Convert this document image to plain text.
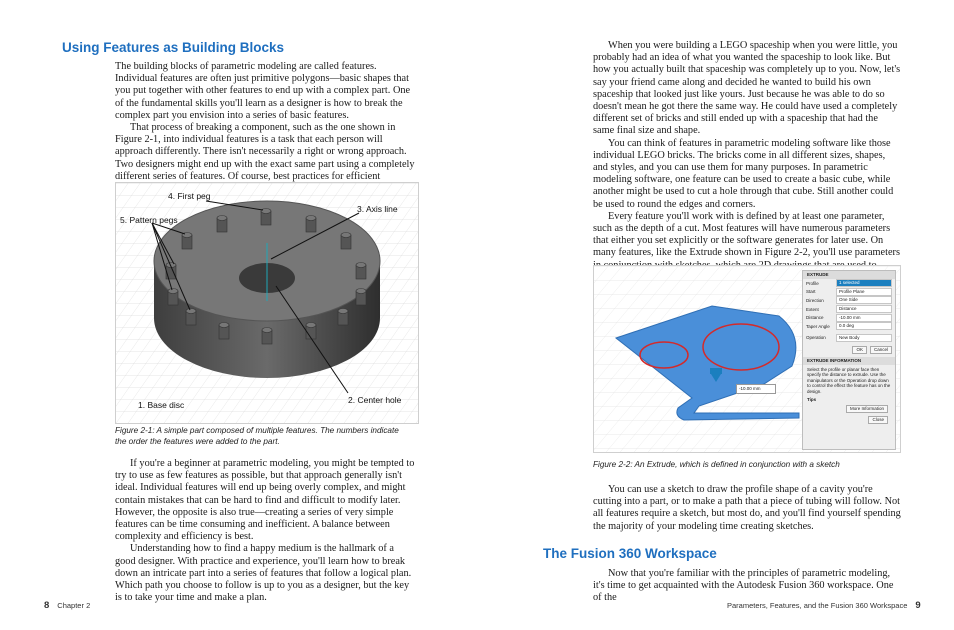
Using Features as Building Blocks

The building blocks of parametric modeling are called features. Individual features are often just primitive polygons—basic shapes that you put together with other features to end up with a complex part. One of the fundamental skills you'll learn as a designer is how to break the complex part you envision into a series of basic features.

That process of breaking a component, such as the one shown in Figure 2-1, into individual features is a task that each person will approach differently. There isn't necessarily a right or wrong approach. Two designers might end up with the exact same part using a completely different series of features. Of course, best practices for efficient

4. First peg
3. Axis line
5. Pattern pegs
1. Base disc	2. Center hole
Figure 2-1: A simple part composed of multiple features. The numbers indicate the order the features were added to the part.

If you're a beginner at parametric modeling, you might be tempted to try to use as few features as possible, but that approach generally isn't ideal. Individual features will end up being overly complex, and might contain mistakes that can be hard to find and difficult to modify later. However, the opposite is also true—creating a series of very simple features can be time consuming and inefficient. A balance between complexity and efficiency is best.

Understanding how to find a happy medium is the hallmark of a good designer. With practice and experience, you'll learn how to break down an intricate part into a series of features that follow a logical plan. Which path you choose to follow is up to you as a designer, but the key is to take your time and make a plan.

8 Chapter 2

When you were building a LEGO spaceship when you were little, you probably had an idea of what you wanted the spaceship to look like. But how you actually built that spaceship was completely up to you. Now, let's say your friend came along and decided he wanted to build his own spaceship that looked just like yours. Just because he was able to do so doesn't mean he got there the same way. He could have used a completely different set of bricks and still ended up with a spaceship that had the same final size and shape.

You can think of features in parametric modeling software like those individual LEGO bricks. The bricks come in all different sizes, shapes, and styles, and you can use them for many purposes. In parametric modeling software, one feature can be used to create a basic cube, while another might be used to cut a hole through that cube. Still another could be used to round the edges and corners.

Every feature you'll work with is defined by at least one parameter, such as the depth of a cut. Most features will have numerous parameters that either you set explicitly or the software generates for later use. On many features, like the Extrude shown in Figure 2-2, you'll use parameters

-10.00 mm
EXTRUDE
Profile	1 selected
Start	Profile Plane
Direction	One Side
Extent	Distance
Distance	-10.00 mm
Taper Angle	0.0 deg
Operation	New Body
OK	Cancel
EXTRUDE INFORMATION
Select the profile or planar face then specify the distance to extrude. Use the manipulators or the Operation drop down to control the effect the feature has on the design.
Tips
More Information
Close
Figure 2-2: An Extrude, which is defined in conjunction with a sketch

You can use a sketch to draw the profile shape of a cavity you're cutting into a part, or to make a path that a piece of tubing will follow. Not all features require a sketch, but most do, and you'll find yourself spending the majority of your modeling time creating sketches.

The Fusion 360 Workspace

Now that you're familiar with the principles of parametric modeling, it's time to get acquainted with the Autodesk Fusion 360 workspace. One of the

Parameters, Features, and the Fusion 360 Workspace 9
